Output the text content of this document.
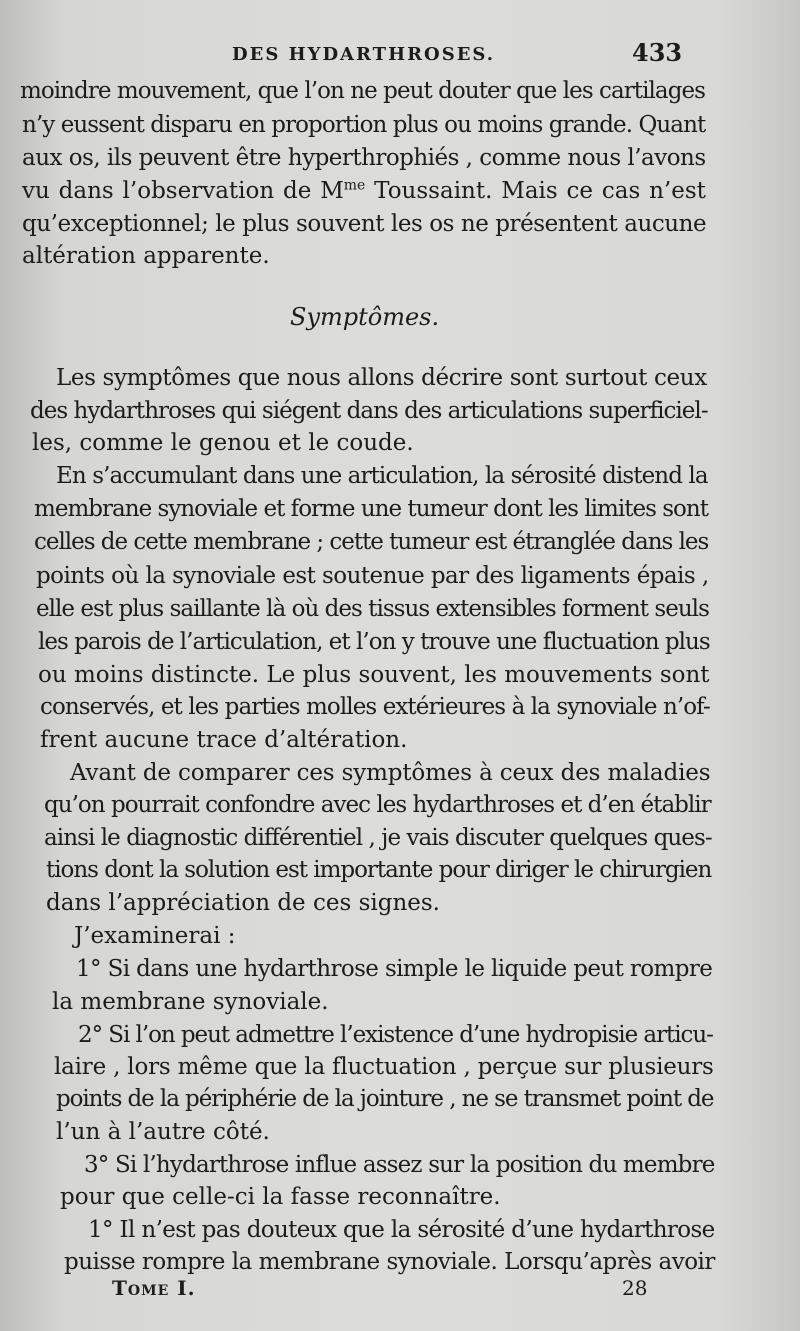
DES HYDARTHROSES.	433
moindre mouvement, que l’on ne peut douter que les cartilages
n’y eussent disparu en proportion plus ou moins grande. Quant
aux os, ils peuvent être hyperthrophiés , comme nous l’avons
vu dans l’observation de $M^{me}$ Toussaint. Mais ce cas n’est
qu’exceptionnel; le plus souvent les os ne présentent aucune
altération apparente.
Symptômes.
Les symptômes que nous allons décrire sont surtout ceux
des hydarthroses qui siégent dans des articulations superficiel-
les, comme le genou et le coude.
En s’accumulant dans une articulation, la sérosité distend la
membrane synoviale et forme une tumeur dont les limites sont
celles de cette membrane ; cette tumeur est étranglée dans les
points où la synoviale est soutenue par des ligaments épais ,
elle est plus saillante là où des tissus extensibles forment seuls
les parois de l’articulation, et l’on y trouve une fluctuation plus
ou moins distincte. Le plus souvent, les mouvements sont
conservés, et les parties molles extérieures à la synoviale n’of-
frent aucune trace d’altération.
Avant de comparer ces symptômes à ceux des maladies
qu’on pourrait confondre avec les hydarthroses et d’en établir
ainsi le diagnostic différentiel , je vais discuter quelques ques-
tions dont la solution est importante pour diriger le chirurgien
dans l’appréciation de ces signes.
J’examinerai :
1° Si dans une hydarthrose simple le liquide peut rompre
la membrane synoviale.
2° Si l’on peut admettre l’existence d’une hydropisie articu-
laire , lors même que la fluctuation , perçue sur plusieurs
points de la périphérie de la jointure , ne se transmet point de
l’un à l’autre côté.
3° Si l’hydarthrose influe assez sur la position du membre
pour que celle-ci la fasse reconnaître.
1° Il n’est pas douteux que la sérosité d’une hydarthrose
puisse rompre la membrane synoviale. Lorsqu’après avoir
Tome I.	28
